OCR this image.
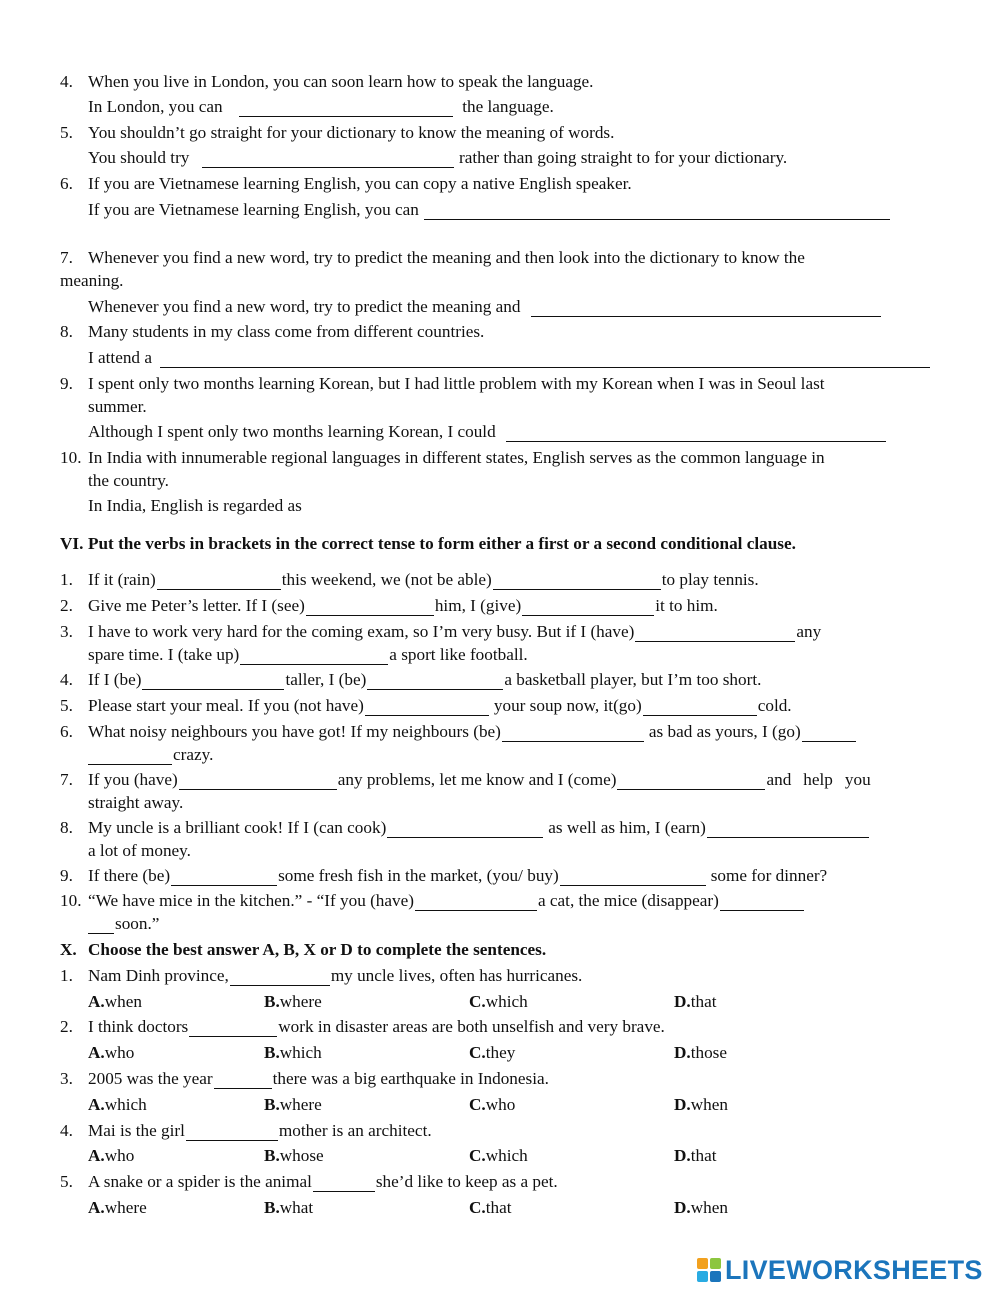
4. When you live in London, you can soon learn how to speak the language.
In London, you can	the language.
5. You shouldn’t go straight for your dictionary to know the meaning of words.
You should try	rather than going straight to for your dictionary.
6. If you are Vietnamese learning English, you can copy a native English speaker.
If you are Vietnamese learning English, you can
7. Whenever you find a new word, try to predict the meaning and then look into the dictionary to know the
meaning.
Whenever you find a new word, try to predict the meaning and
8. Many students in my class come from different countries.
I attend a
9. I spent only two months learning Korean, but I had little problem with my Korean when I was in Seoul last
summer.
Although I spent only two months learning Korean, I could
10. In India with innumerable regional languages in different states, English serves as the common language in
the country.
In India, English is regarded as
VI. Put the verbs in brackets in the correct tense to form either a first or a second conditional clause.
1. If it (rain)	this weekend, we (not be able)	to play tennis.
2. Give me Peter’s letter. If I (see)	him, I (give)	it to him.
3. I have to work very hard for the coming exam, so I’m very busy. But if I (have)	any
spare time. I (take up)	a sport like football.
4. If I (be)	taller, I (be)	a basketball player, but I’m too short.
5. Please start your meal. If you (not have)	your soup now, it(go)	cold.
6. What noisy neighbours you have got! If my neighbours (be)	as bad as yours, I (go)
crazy.
7. If you (have)	any problems, let me know and I (come)	and help you
straight away.
8. My uncle is a brilliant cook! If I (can cook)	as well as him, I (earn)
a lot of money.
9. If there (be)	some fresh fish in the market, (you/ buy)	some for dinner?
10. “We have mice in the kitchen.” - “If you (have)	a cat, the mice (disappear)
soon.”
X. Choose the best answer A, B, X or D to complete the sentences.
1. Nam Dinh province,	my uncle lives, often has hurricanes.
A.when	B.where	C.which	D.that
2. I think doctors	work in disaster areas are both unselfish and very brave.
A.who	B.which	C.they	D.those
3. 2005 was the year	there was a big earthquake in Indonesia.
A.which	B.where	C.who	D.when
4. Mai is the girl	mother is an architect.
A.who	B.whose	C.which	D.that
5. A snake or a spider is the animal	she’d like to keep as a pet.
A.where	B.what	C.that	D.when
LIVEWORKSHEETS
